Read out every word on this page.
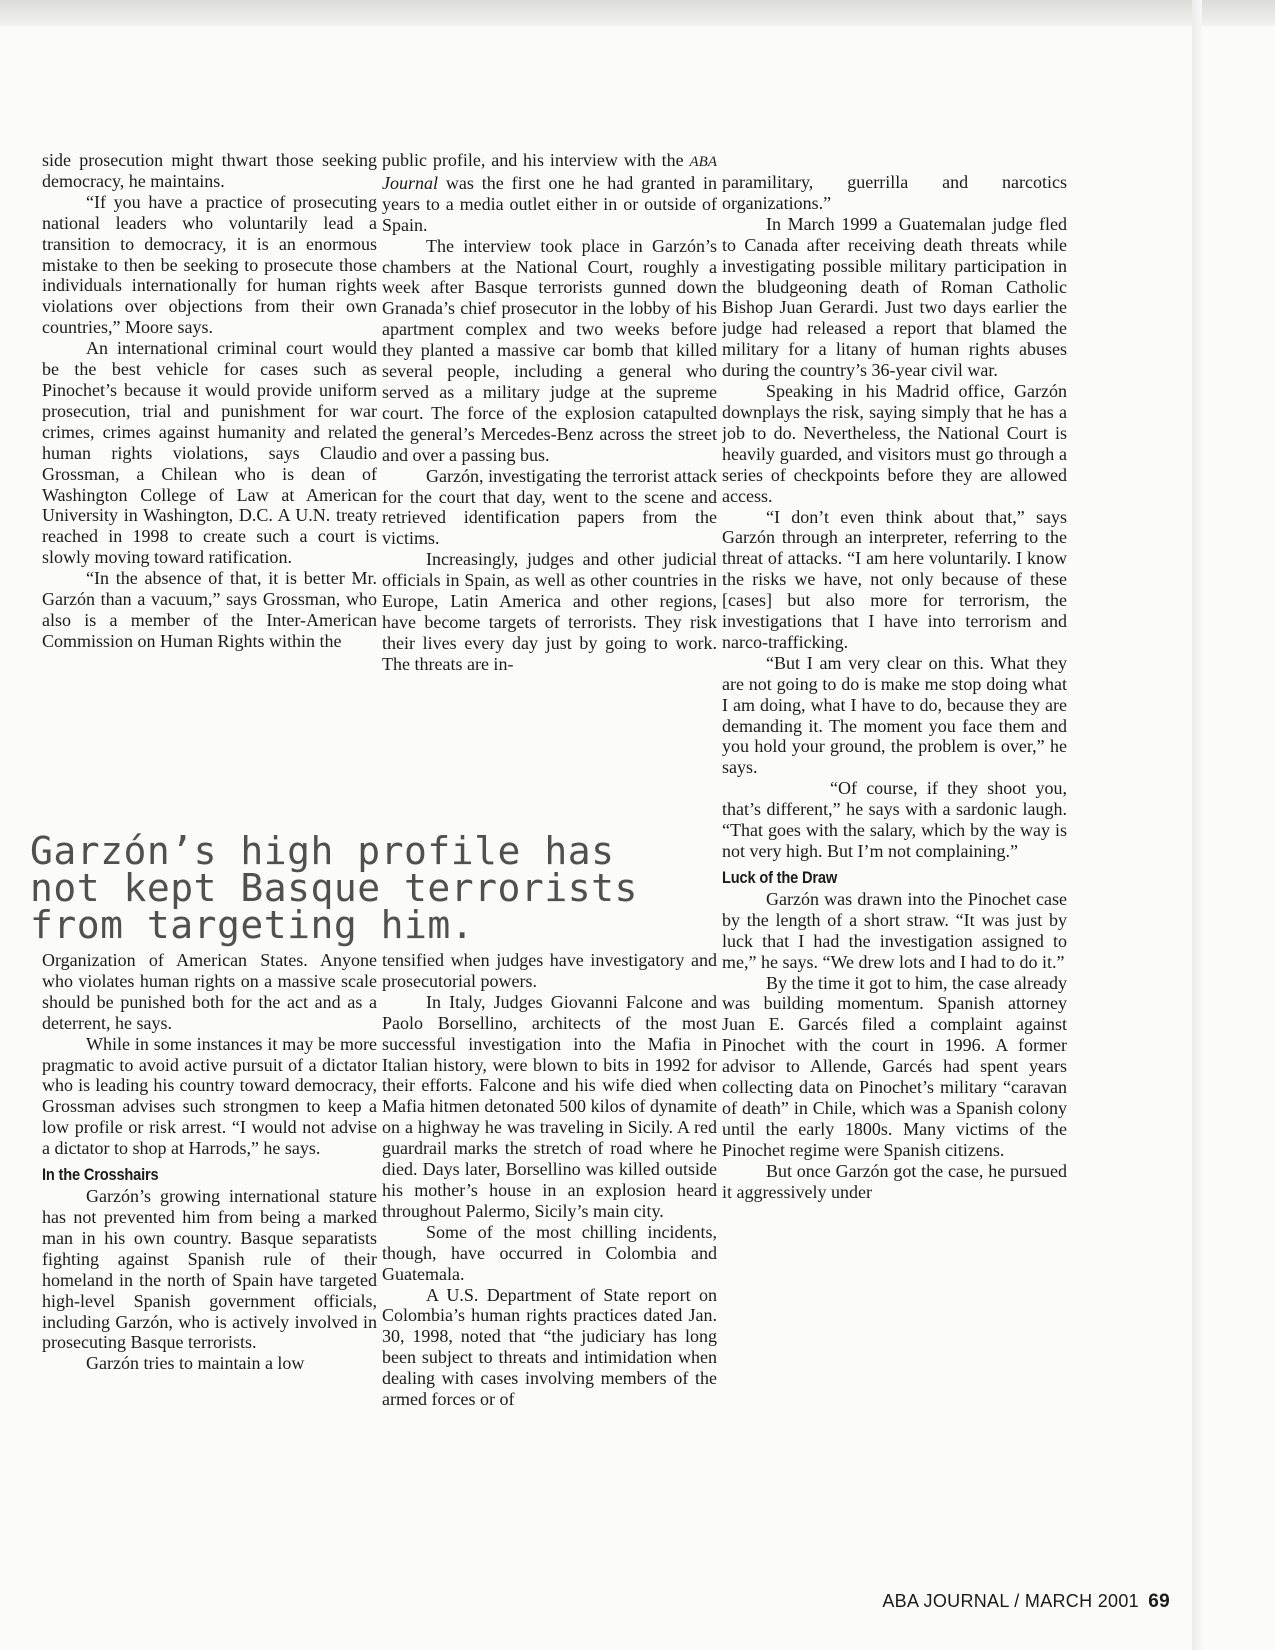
side prosecution might thwart those seeking democracy, he maintains.

“If you have a practice of prosecuting national leaders who voluntarily lead a transition to democracy, it is an enormous mistake to then be seeking to prosecute those individuals internationally for human rights violations over objections from their own countries,” Moore says.

An international criminal court would be the best vehicle for cases such as Pinochet’s because it would provide uniform prosecution, trial and punishment for war crimes, crimes against humanity and related human rights violations, says Claudio Grossman, a Chilean who is dean of Washington College of Law at American University in Washington, D.C. A U.N. treaty reached in 1998 to create such a court is slowly moving toward ratification.

“In the absence of that, it is better Mr. Garzón than a vacuum,” says Grossman, who also is a member of the Inter-American Commission on Human Rights within the

public profile, and his interview with the ABA Journal was the first one he had granted in years to a media outlet either in or outside of Spain.

The interview took place in Garzón’s chambers at the National Court, roughly a week after Basque terrorists gunned down Granada’s chief prosecutor in the lobby of his apartment complex and two weeks before they planted a massive car bomb that killed several people, including a general who served as a military judge at the supreme court. The force of the explosion catapulted the general’s Mercedes-Benz across the street and over a passing bus.

Garzón, investigating the terrorist attack for the court that day, went to the scene and retrieved identification papers from the victims.

Increasingly, judges and other judicial officials in Spain, as well as other countries in Europe, Latin America and other regions, have become targets of terrorists. They risk their lives every day just by going to work. The threats are in-

paramilitary, guerrilla and narcotics organizations.”

In March 1999 a Guatemalan judge fled to Canada after receiving death threats while investigating possible military participation in the bludgeoning death of Roman Catholic Bishop Juan Gerardi. Just two days earlier the judge had released a report that blamed the military for a litany of human rights abuses during the country’s 36-year civil war.

Speaking in his Madrid office, Garzón downplays the risk, saying simply that he has a job to do. Nevertheless, the National Court is heavily guarded, and visitors must go through a series of checkpoints before they are allowed access.

“I don’t even think about that,” says Garzón through an interpreter, referring to the threat of attacks. “I am here voluntarily. I know the risks we have, not only because of these [cases] but also more for terrorism, the investigations that I have into terrorism and narco-trafficking.

“But I am very clear on this. What they are not going to do is make me stop doing what I am doing, what I have to do, because they are demanding it. The moment you face them and you hold your ground, the problem is over,” he says.

“Of course, if they shoot you, that’s different,” he says with a sardonic laugh. “That goes with the salary, which by the way is not very high. But I’m not complaining.”

Luck of the Draw

Garzón was drawn into the Pinochet case by the length of a short straw. “It was just by luck that I had the investigation assigned to me,” he says. “We drew lots and I had to do it.”

By the time it got to him, the case already was building momentum. Spanish attorney Juan E. Garcés filed a complaint against Pinochet with the court in 1996. A former advisor to Allende, Garcés had spent years collecting data on Pinochet’s military “caravan of death” in Chile, which was a Spanish colony until the early 1800s. Many victims of the Pinochet regime were Spanish citizens.

But once Garzón got the case, he pursued it aggressively under

Garzón’s high profile has
not kept Basque terrorists
from targeting him.

Organization of American States. Anyone who violates human rights on a massive scale should be punished both for the act and as a deterrent, he says.

While in some instances it may be more pragmatic to avoid active pursuit of a dictator who is leading his country toward democracy, Grossman advises such strongmen to keep a low profile or risk arrest. “I would not advise a dictator to shop at Harrods,” he says.

In the Crosshairs

Garzón’s growing international stature has not prevented him from being a marked man in his own country. Basque separatists fighting against Spanish rule of their homeland in the north of Spain have targeted high-level Spanish government officials, including Garzón, who is actively involved in prosecuting Basque terrorists.

Garzón tries to maintain a low

tensified when judges have investigatory and prosecutorial powers.

In Italy, Judges Giovanni Falcone and Paolo Borsellino, architects of the most successful investigation into the Mafia in Italian history, were blown to bits in 1992 for their efforts. Falcone and his wife died when Mafia hitmen detonated 500 kilos of dynamite on a highway he was traveling in Sicily. A red guardrail marks the stretch of road where he died. Days later, Borsellino was killed outside his mother’s house in an explosion heard throughout Palermo, Sicily’s main city.

Some of the most chilling incidents, though, have occurred in Colombia and Guatemala.

A U.S. Department of State report on Colombia’s human rights practices dated Jan. 30, 1998, noted that “the judiciary has long been subject to threats and intimidation when dealing with cases involving members of the armed forces or of

ABA JOURNAL / MARCH 2001 69
